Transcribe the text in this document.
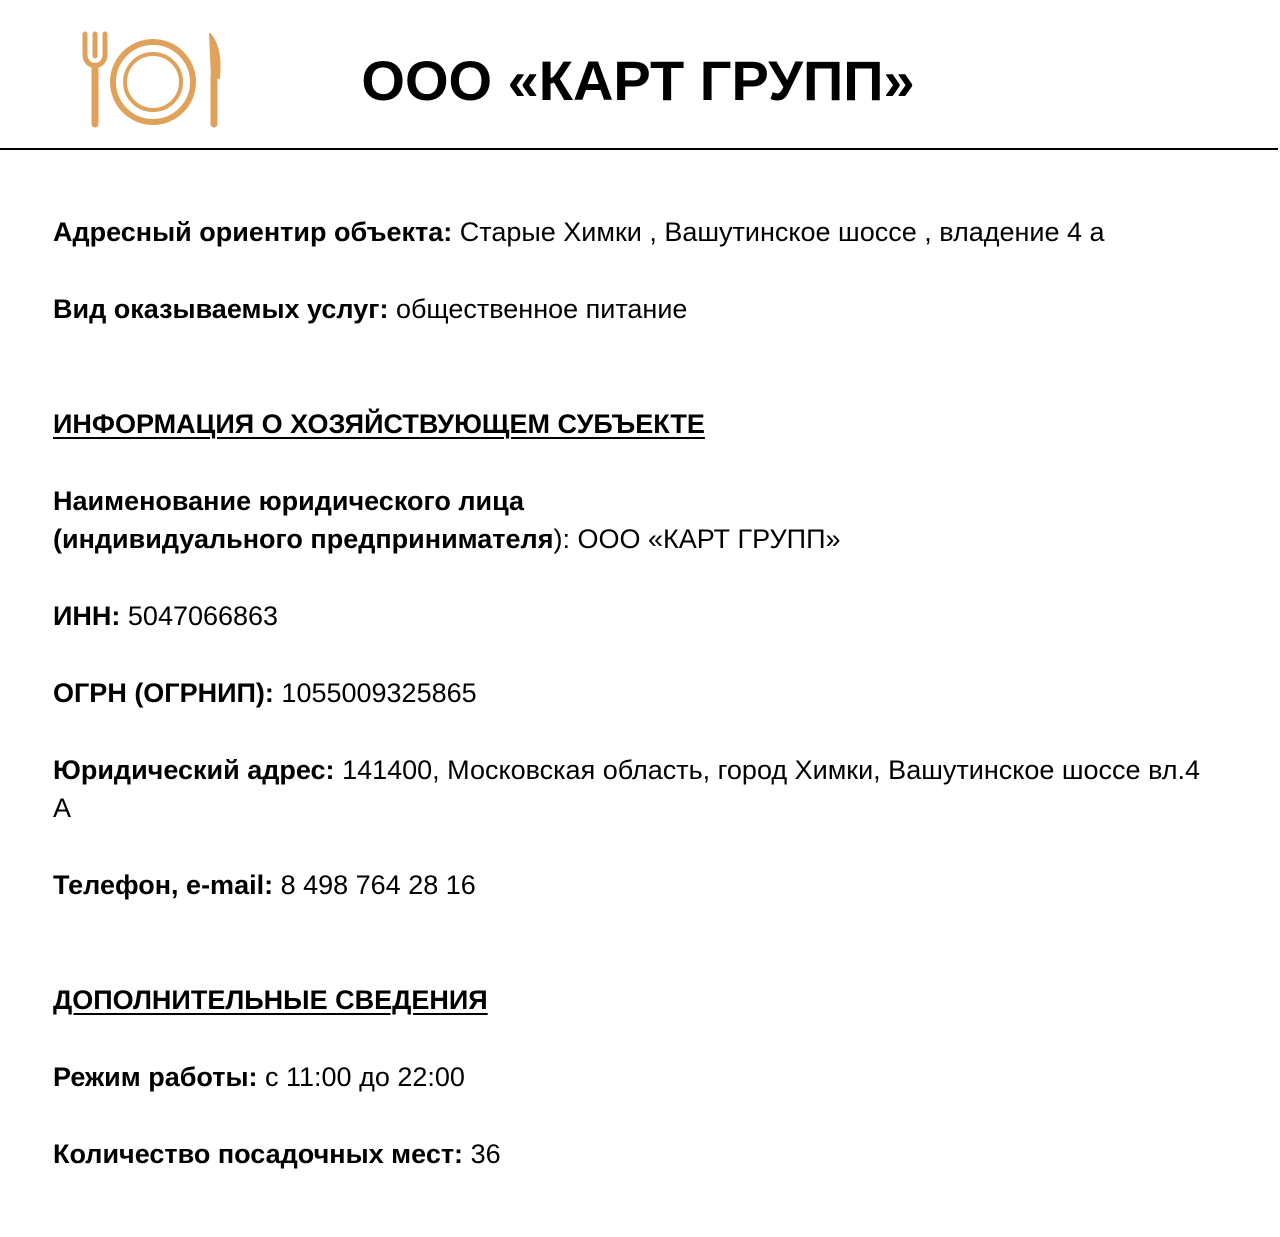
ООО «КАРТ ГРУПП»
Адресный ориентир объекта: Старые Химки , Вашутинское шоссе , владение 4 а
Вид оказываемых услуг: общественное питание
ИНФОРМАЦИЯ О ХОЗЯЙСТВУЮЩЕМ СУБЪЕКТЕ
Наименование юридического лица
(индивидуального предпринимателя): ООО «КАРТ ГРУПП»
ИНН: 5047066863
ОГРН (ОГРНИП): 1055009325865
Юридический адрес: 141400, Московская область, город Химки, Вашутинское шоссе вл.4 А
Телефон, e-mail: 8 498 764 28 16
ДОПОЛНИТЕЛЬНЫЕ СВЕДЕНИЯ
Режим работы: с 11:00 до 22:00
Количество посадочных мест: 36
